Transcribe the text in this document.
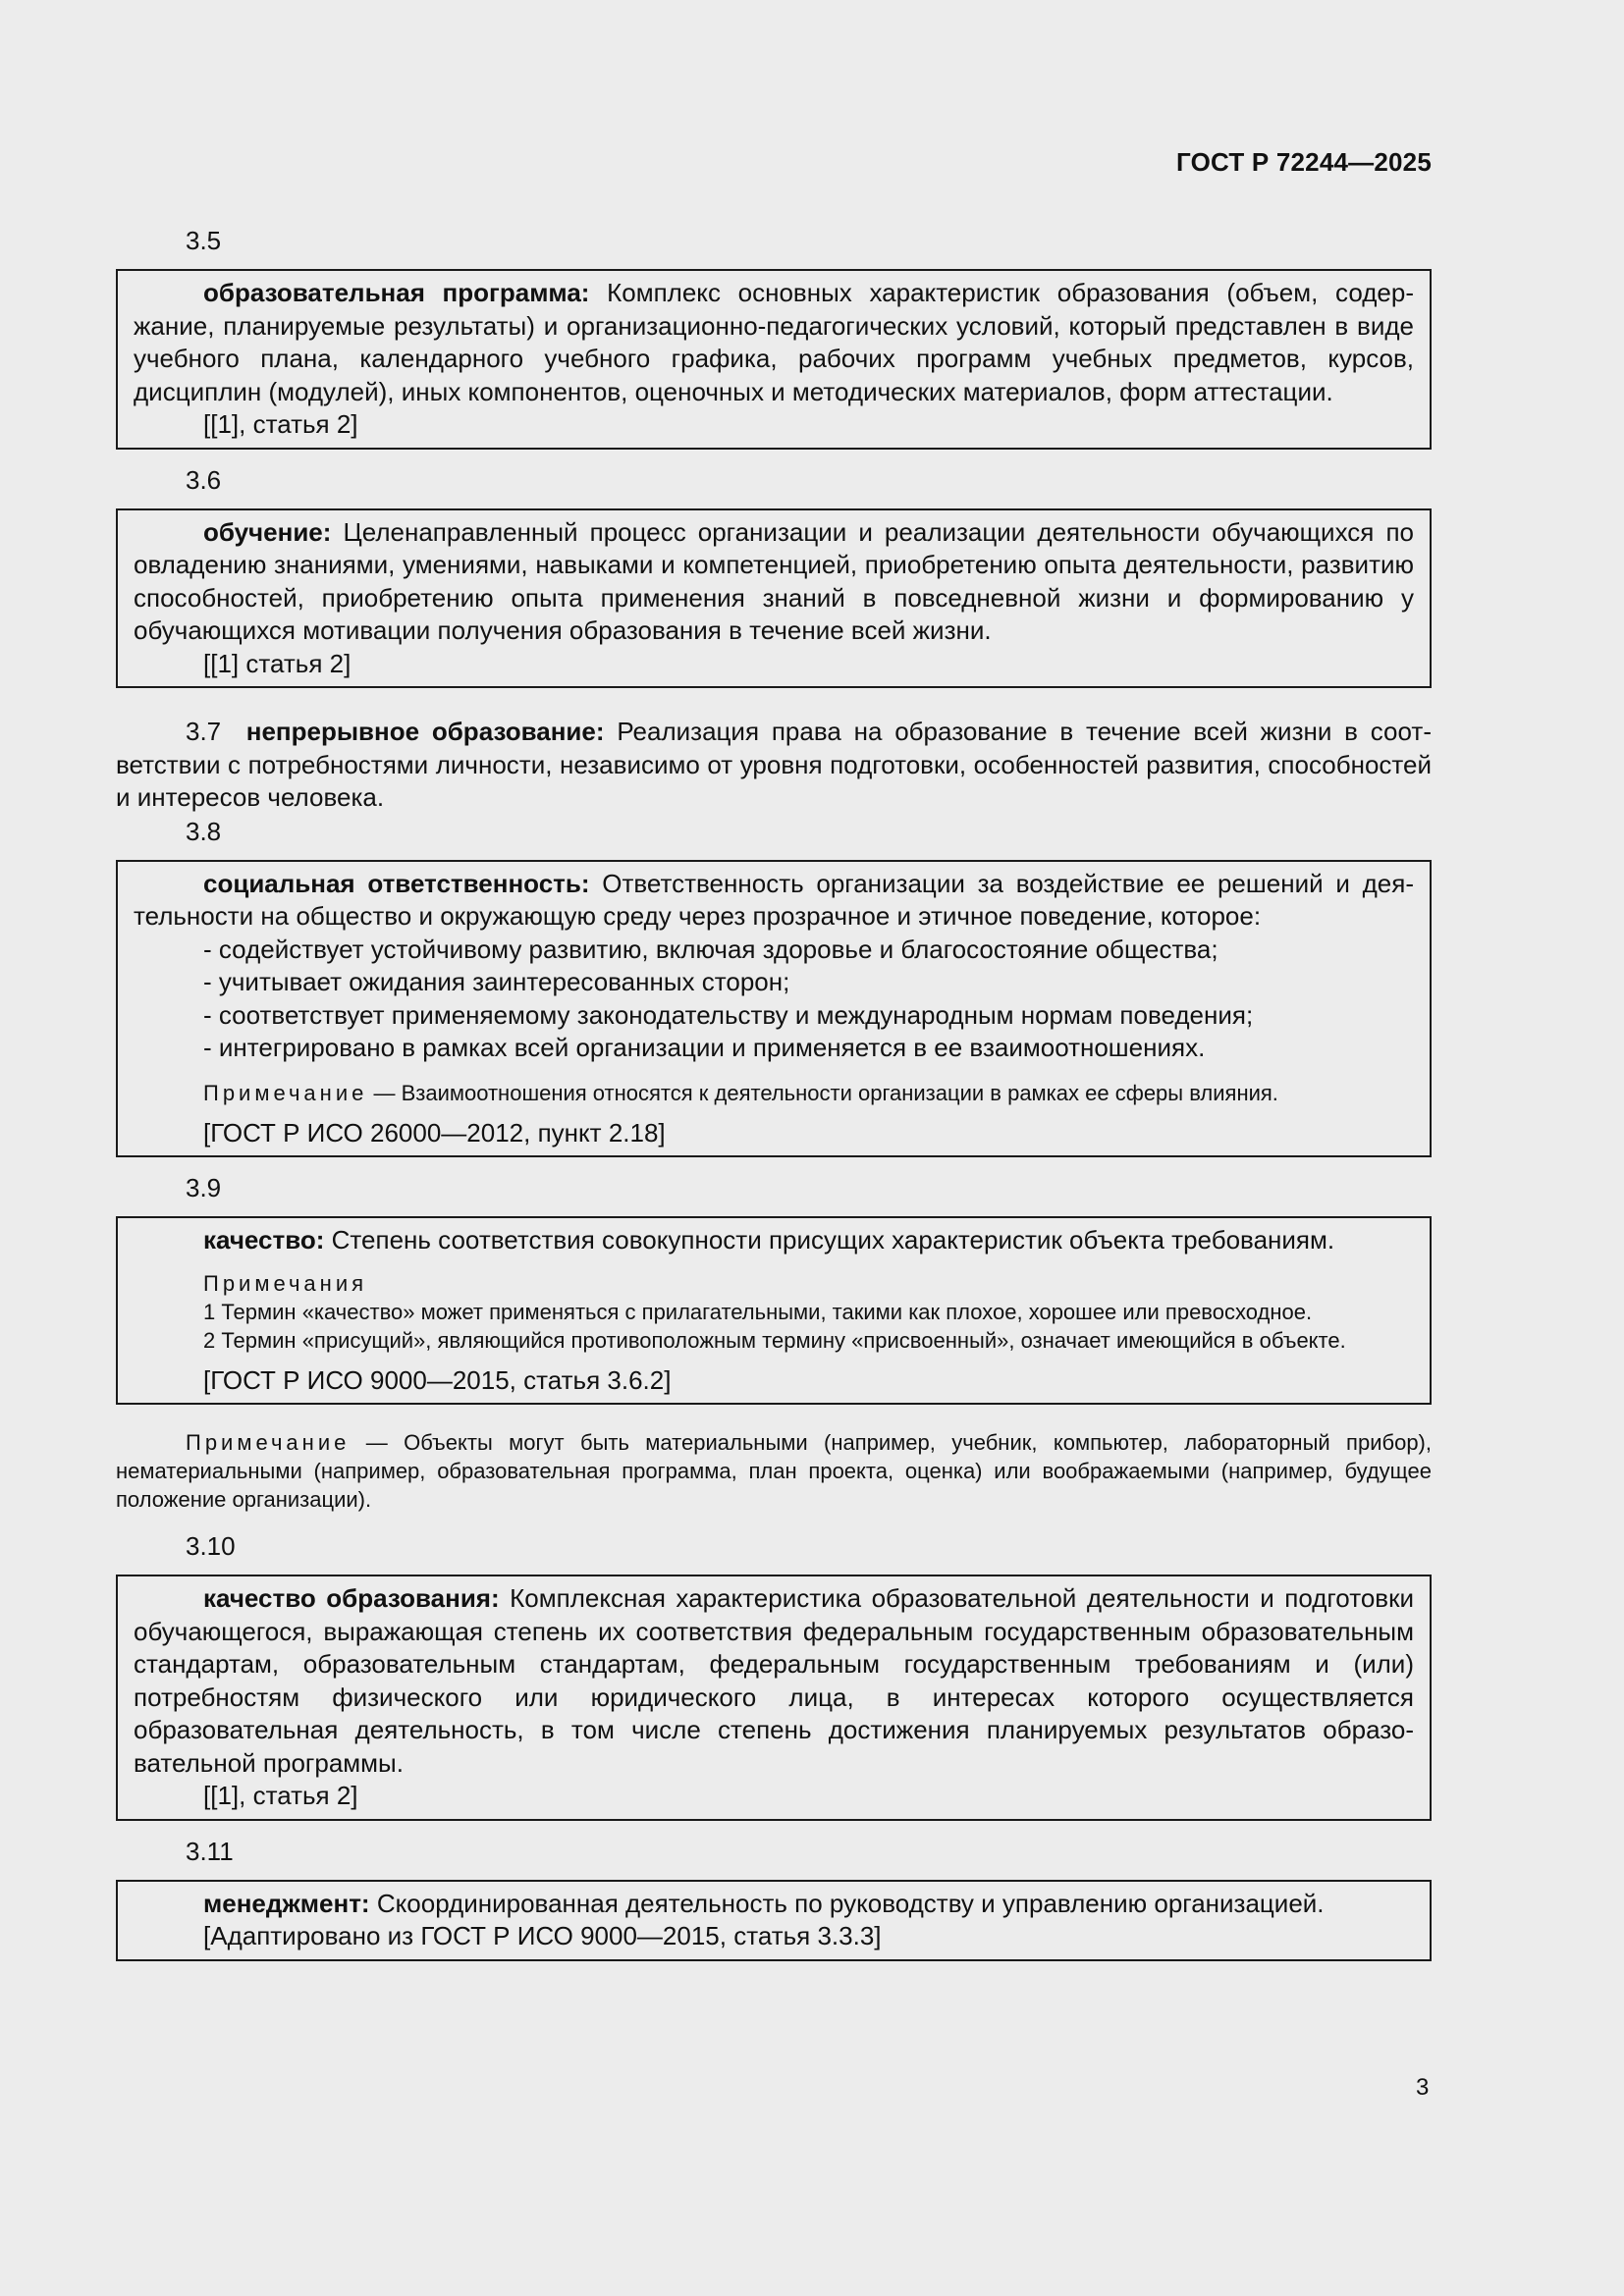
ГОСТ Р 72244—2025
3.5

образовательная программа: Комплекс основных характеристик образования (объем, содержание, планируемые результаты) и организационно-педагогических условий, который представлен в виде учебного плана, календарного учебного графика, рабочих программ учебных предметов, курсов, дисциплин (модулей), иных компонентов, оценочных и методических материалов, форм аттестации.

[[1], статья 2]

3.6

обучение: Целенаправленный процесс организации и реализации деятельности обучающихся по овладению знаниями, умениями, навыками и компетенцией, приобретению опыта деятельности, развитию способностей, приобретению опыта применения знаний в повседневной жизни и формированию у обучающихся мотивации получения образования в течение всей жизни.

[[1] статья 2]

3.7 непрерывное образование: Реализация права на образование в течение всей жизни в соответствии с потребностями личности, независимо от уровня подготовки, особенностей развития, способностей и интересов человека.

3.8

социальная ответственность: Ответственность организации за воздействие ее решений и деятельности на общество и окружающую среду через прозрачное и этичное поведение, которое:

- содействует устойчивому развитию, включая здоровье и благосостояние общества;

- учитывает ожидания заинтересованных сторон;

- соответствует применяемому законодательству и международным нормам поведения;

- интегрировано в рамках всей организации и применяется в ее взаимоотношениях.

Примечание — Взаимоотношения относятся к деятельности организации в рамках ее сферы влияния.

[ГОСТ Р ИСО 26000—2012, пункт 2.18]

3.9

качество: Степень соответствия совокупности присущих характеристик объекта требованиям.

Примечания

1 Термин «качество» может применяться с прилагательными, такими как плохое, хорошее или превосходное.

2 Термин «присущий», являющийся противоположным термину «присвоенный», означает имеющийся в объекте.

[ГОСТ Р ИСО 9000—2015, статья 3.6.2]

Примечание — Объекты могут быть материальными (например, учебник, компьютер, лабораторный прибор), нематериальными (например, образовательная программа, план проекта, оценка) или воображаемыми (например, будущее положение организации).

3.10

качество образования: Комплексная характеристика образовательной деятельности и подготовки обучающегося, выражающая степень их соответствия федеральным государственным образовательным стандартам, образовательным стандартам, федеральным государственным требованиям и (или) потребностям физического или юридического лица, в интересах которого осуществляется образовательная деятельность, в том числе степень достижения планируемых результатов образовательной программы.

[[1], статья 2]

3.11

менеджмент: Скоординированная деятельность по руководству и управлению организацией.

[Адаптировано из ГОСТ Р ИСО 9000—2015, статья 3.3.3]

3
